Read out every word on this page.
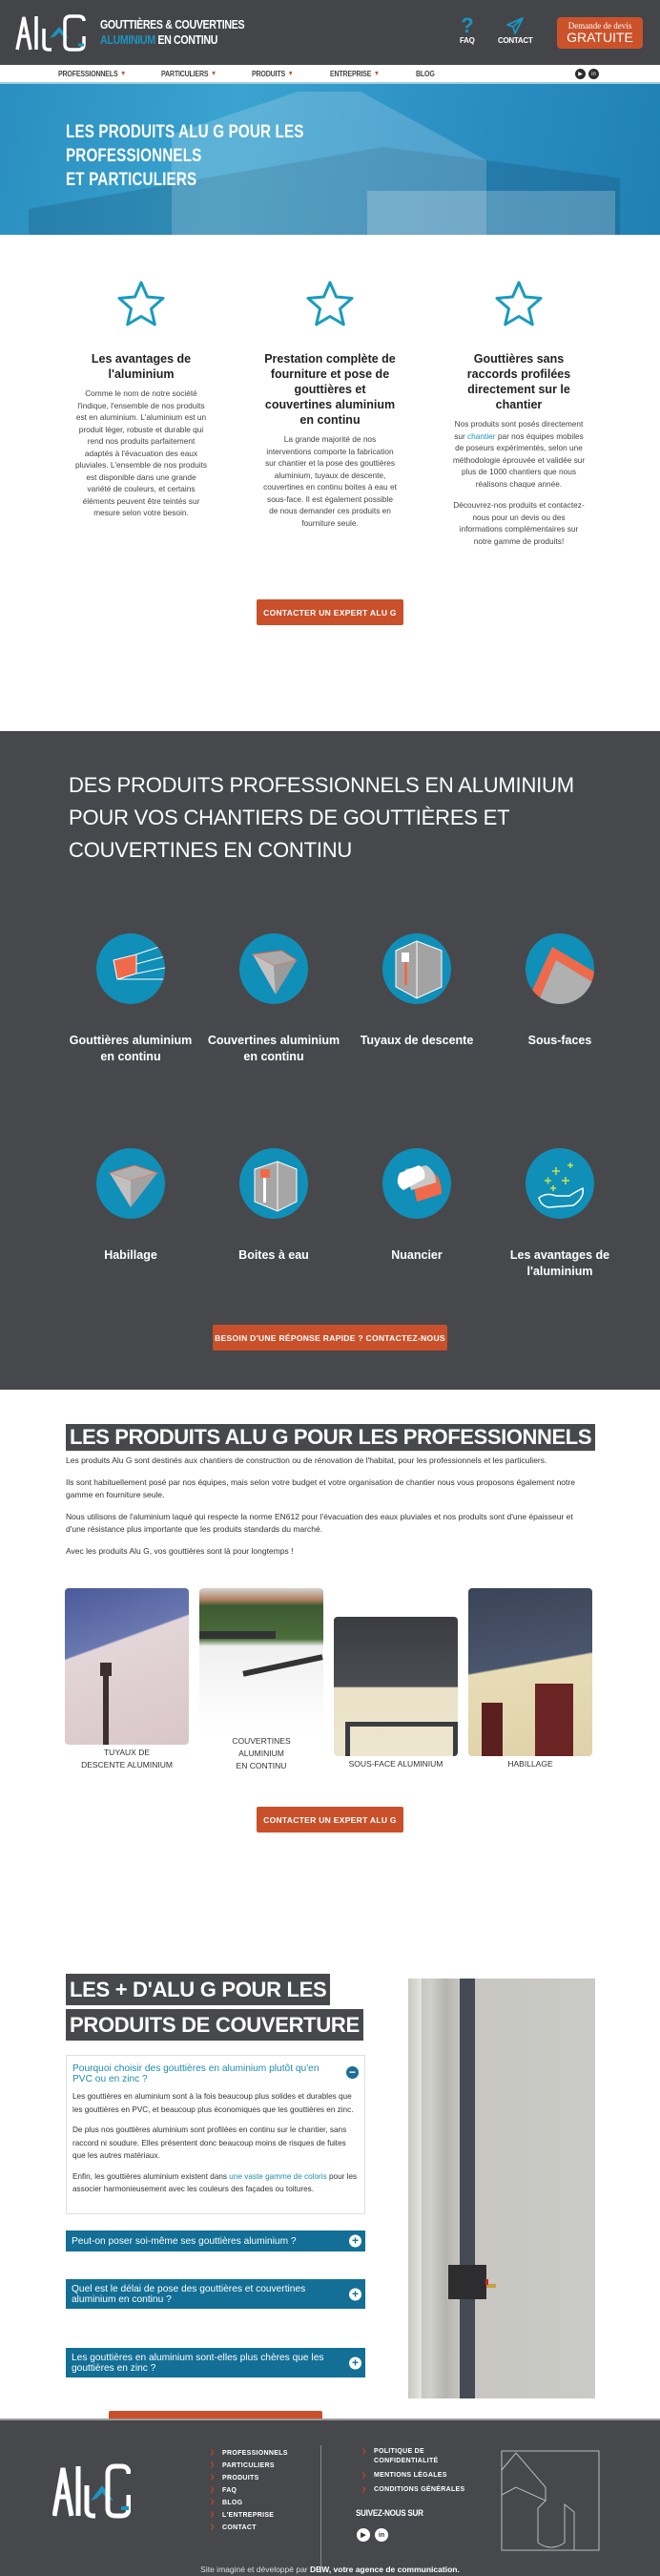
GOUTTIÈRES & COUVERTINES
ALUMINIUM EN CONTINU
?
FAQ	CONTACT
Demande de devis
GRATUITE
PROFESSIONNELS ▼	PARTICULIERS ▼	PRODUITS ▼	ENTREPRISE ▼	BLOG	▶	in
LES PRODUITS ALU G POUR LES
PROFESSIONNELS
ET PARTICULIERS
Les avantages de l'aluminium

Comme le nom de notre société l'indique, l'ensemble de nos produits est en aluminium. L'aluminium est un produit léger, robuste et durable qui rend nos produits parfaitement adaptés à l'évacuation des eaux pluviales. L'ensemble de nos produits est disponible dans une grande variété de couleurs, et certains éléments peuvent être teintés sur mesure selon votre besoin.

Prestation complète de fourniture et pose de gouttières et couvertines aluminium en continu

La grande majorité de nos interventions comporte la fabrication sur chantier et la pose des gouttières aluminium, tuyaux de descente, couvertines en continu boites à eau et sous-face. Il est également possible de nous demander ces produits en fourniture seule.

Gouttières sans raccords profilées directement sur le chantier

Nos produits sont posés directement sur chantier par nos équipes mobiles de poseurs expérimentés, selon une méthodologie éprouvée et validée sur plus de 1000 chantiers que nous réalisons chaque année.

Découvrez-nos produits et contactez-nous pour un devis ou des informations complémentaires sur notre gamme de produits!

CONTACTER UN EXPERT ALU G
DES PRODUITS PROFESSIONNELS EN ALUMINIUM
POUR VOS CHANTIERS DE GOUTTIÈRES ET
COUVERTINES EN CONTINU
Gouttières aluminium en continu
Couvertines aluminium en continu
Tuyaux de descente	Sous-faces
Habillage	Boites à eau	Nuancier	Les avantages de l'aluminium
BESOIN D'UNE RÉPONSE RAPIDE ? CONTACTEZ-NOUS
LES PRODUITS ALU G POUR LES PROFESSIONNELS

Les produits Alu G sont destinés aux chantiers de construction ou de rénovation de l'habitat, pour les professionnels et les particuliers.

Ils sont habituellement posé par nos équipes, mais selon votre budget et votre organisation de chantier nous vous proposons également notre gamme en fourniture seule.

Nous utilisons de l'aluminium laqué qui respecte la norme EN612 pour l'évacuation des eaux pluviales et nos produits sont d'une épaisseur et d'une résistance plus importante que les produits standards du marché.

Avec les produits Alu G, vos gouttières sont là pour longtemps !

TUYAUX DE
DESCENTE ALUMINIUM
COUVERTINES
ALUMINIUM
EN CONTINU	SOUS-FACE ALUMINIUM	HABILLAGE
CONTACTER UN EXPERT ALU G
LES + D'ALU G POUR LES
PRODUITS DE COUVERTURE
Pourquoi choisir des gouttières en aluminium plutôt qu'en PVC ou en zinc ?
−

Les gouttières en aluminium sont à la fois beaucoup plus solides et durables que les gouttières en PVC, et beaucoup plus économiques que les gouttières en zinc.

De plus nos gouttières aluminium sont profilées en continu sur le chantier, sans raccord ni soudure. Elles présentent donc beaucoup moins de risques de fuites que les autres matériaux.

Enfin, les gouttières aluminium existent dans une vaste gamme de coloris pour les associer harmonieusement avec les couleurs des façades ou toitures.

Peut-on poser soi-même ses gouttières aluminium ?	+
Quel est le délai de pose des gouttières et couvertines aluminium en continu ?	+
Les gouttières en aluminium sont-elles plus chères que les gouttières en zinc ?	+
❯ PROFESSIONNELS
❯ PARTICULIERS
❯ PRODUITS
❯ FAQ
❯ BLOG
❯ L'ENTREPRISE
❯ CONTACT
❯ POLITIQUE DE CONFIDENTIALITÉ
❯ MENTIONS LÉGALES
❯ CONDITIONS GÉNÉRALES
SUIVEZ-NOUS SUR
▶	in
Site imaginé et développé par DBW, votre agence de communication.
